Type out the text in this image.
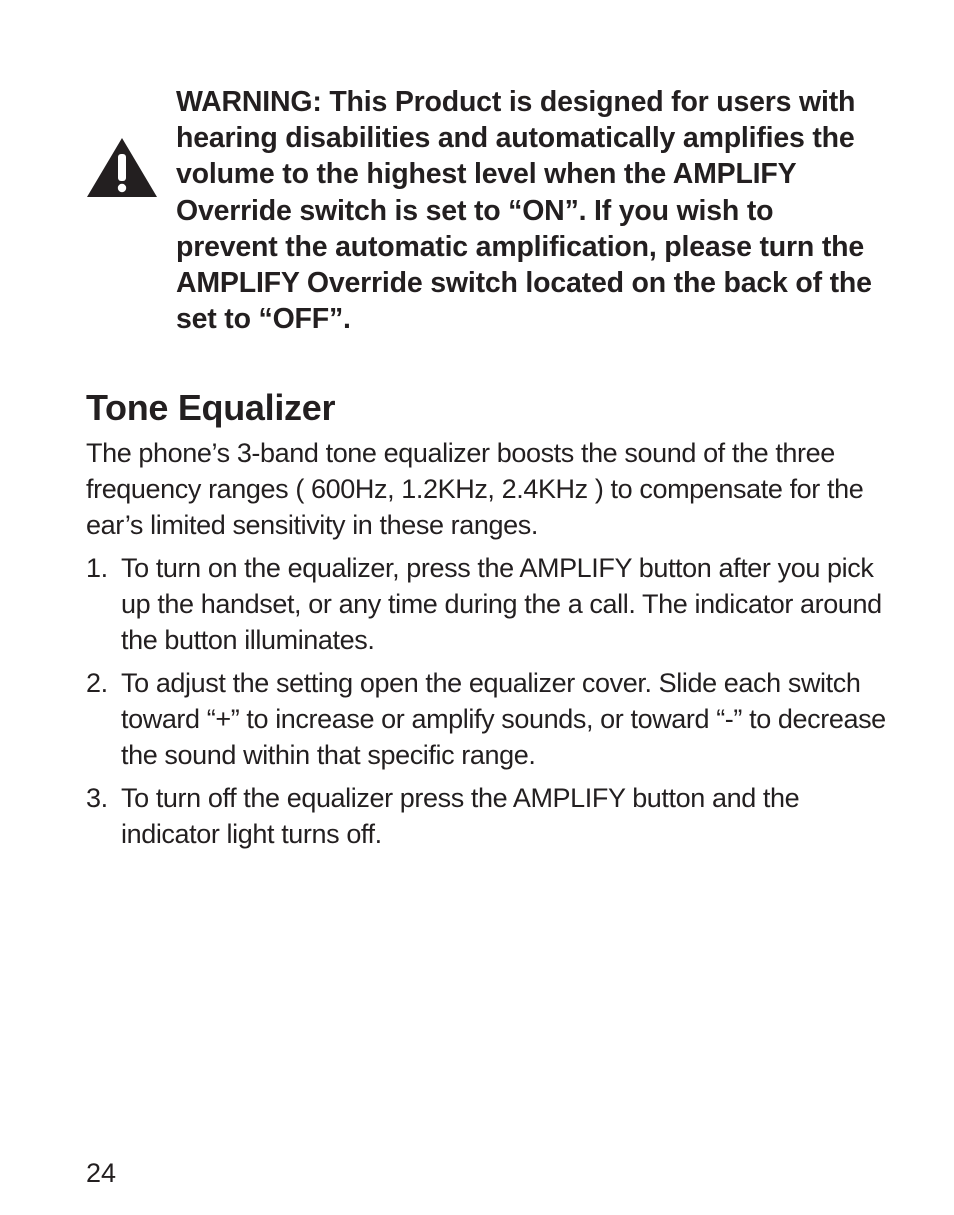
WARNING: This Product is designed for users with hearing disabilities and automatically amplifies the volume to the highest level when the AMPLIFY Override switch is set to “ON”. If you wish to prevent the automatic amplification, please turn the AMPLIFY Override switch located on the back of the set to “OFF”.
Tone Equalizer
The phone’s 3-band tone equalizer boosts the sound of the three frequency ranges ( 600Hz, 1.2KHz, 2.4KHz ) to compensate for the ear’s limited sensitivity in these ranges.
1. To turn on the equalizer, press the AMPLIFY button after you pick up the handset, or any time during the a call. The indicator around the button illuminates.
2. To adjust the setting open the equalizer cover. Slide each switch toward “+” to increase or amplify sounds, or toward “-” to decrease the sound within that specific range.
3. To turn off the equalizer press the AMPLIFY button and the indicator light turns off.
24
